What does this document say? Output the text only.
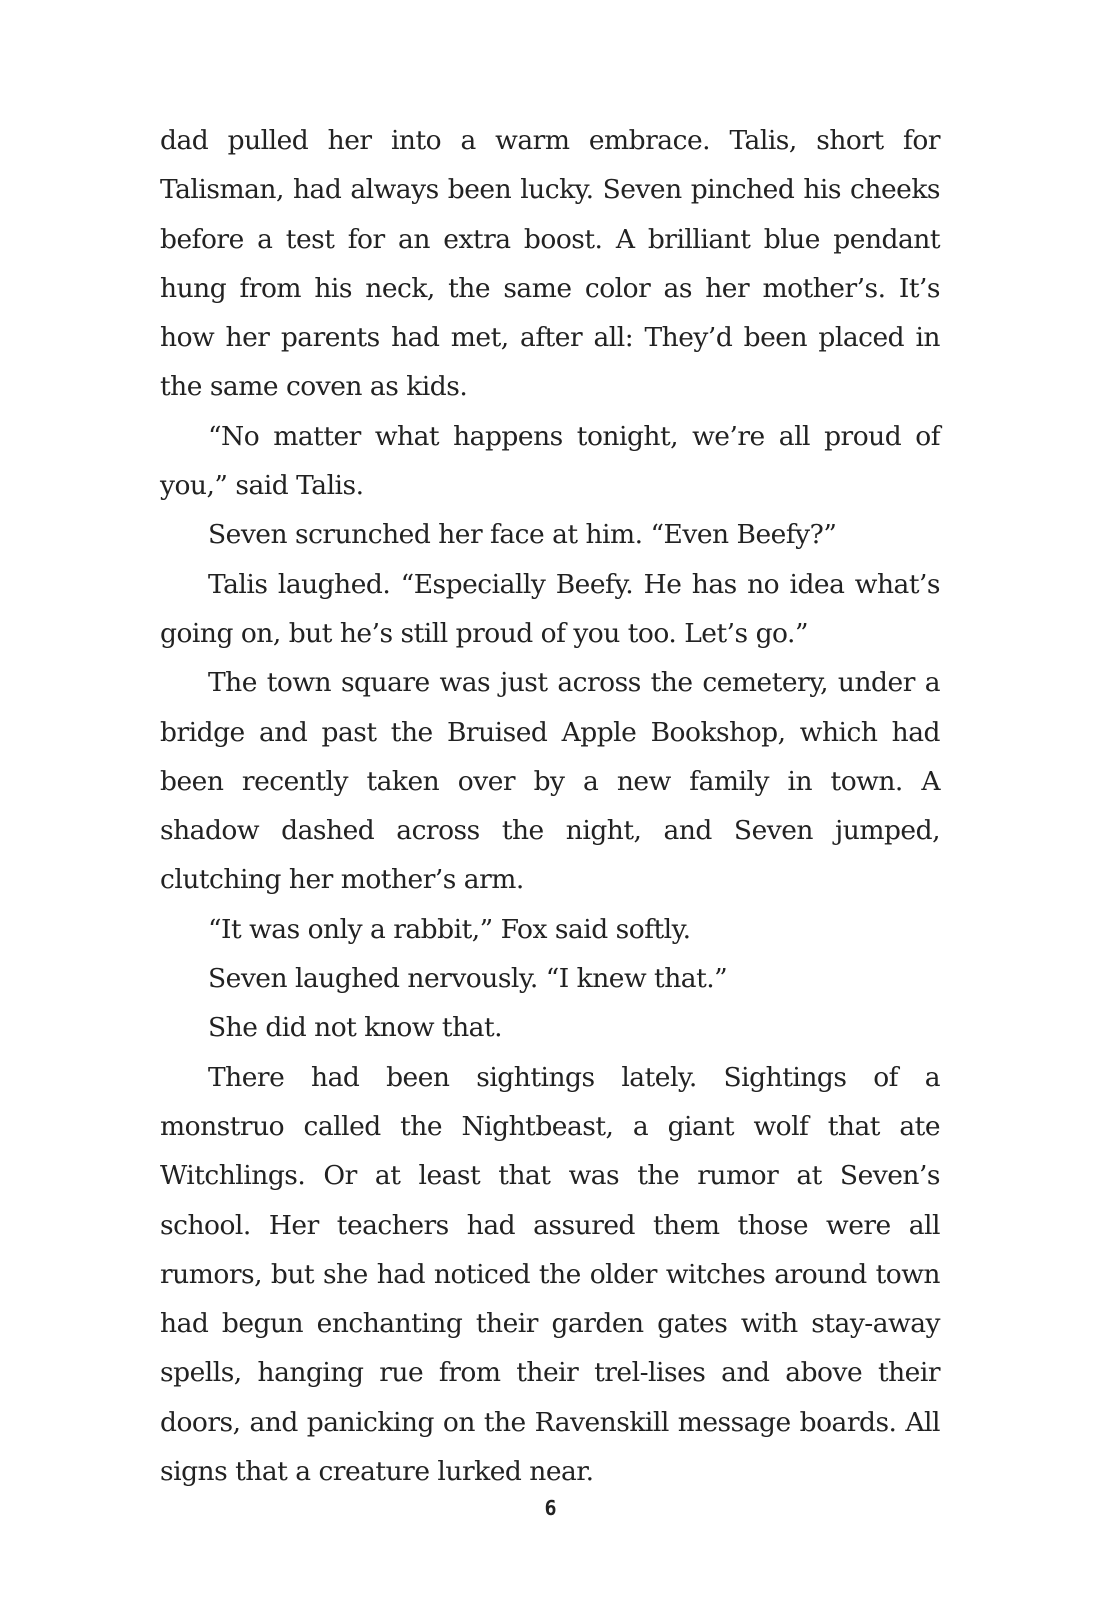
dad pulled her into a warm embrace. Talis, short for Talisman, had always been lucky. Seven pinched his cheeks before a test for an extra boost. A brilliant blue pendant hung from his neck, the same color as her mother’s. It’s how her parents had met, after all: They’d been placed in the same coven as kids.

“No matter what happens tonight, we’re all proud of you,” said Talis.

Seven scrunched her face at him. “Even Beefy?”

Talis laughed. “Especially Beefy. He has no idea what’s going on, but he’s still proud of you too. Let’s go.”

The town square was just across the cemetery, under a bridge and past the Bruised Apple Bookshop, which had been recently taken over by a new family in town. A shadow dashed across the night, and Seven jumped, clutching her mother’s arm.

“It was only a rabbit,” Fox said softly.

Seven laughed nervously. “I knew that.”

She did not know that.

There had been sightings lately. Sightings of a monstruo called the Nightbeast, a giant wolf that ate Witchlings. Or at least that was the rumor at Seven’s school. Her teachers had assured them those were all rumors, but she had noticed the older witches around town had begun enchanting their garden gates with stay-away spells, hanging rue from their trel-lises and above their doors, and panicking on the Ravenskill message boards. All signs that a creature lurked near.

6
